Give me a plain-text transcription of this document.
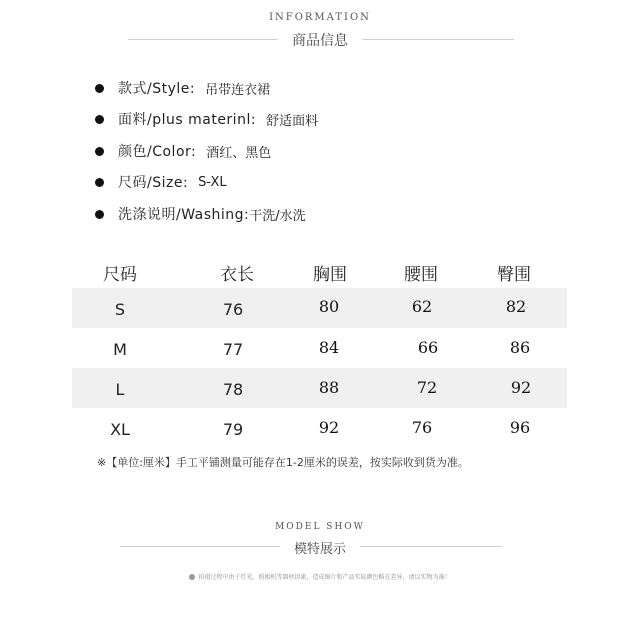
INFORMATION
商品信息
款式/Style: 吊带连衣裙
面料/plus materinl: 舒适面料
颜色/Color: 酒红、黑色
尺码/Size: S-XL
洗涤说明/Washing: 干洗/水洗
尺码	衣长	胸围	腰围	臀围
S	76	80	62	82
M	77	84	66	86
L	78	88	72	92
XL	79	92	76	96
※【单位:厘米】手工平铺测量可能存在1-2厘米的误差，按实际收到货为准。
MODEL SHOW
模特展示
拍摄过程中由于灯光、照相机等器材因素，造成图片和产品实际颜色略在差异，请以实物为准！
